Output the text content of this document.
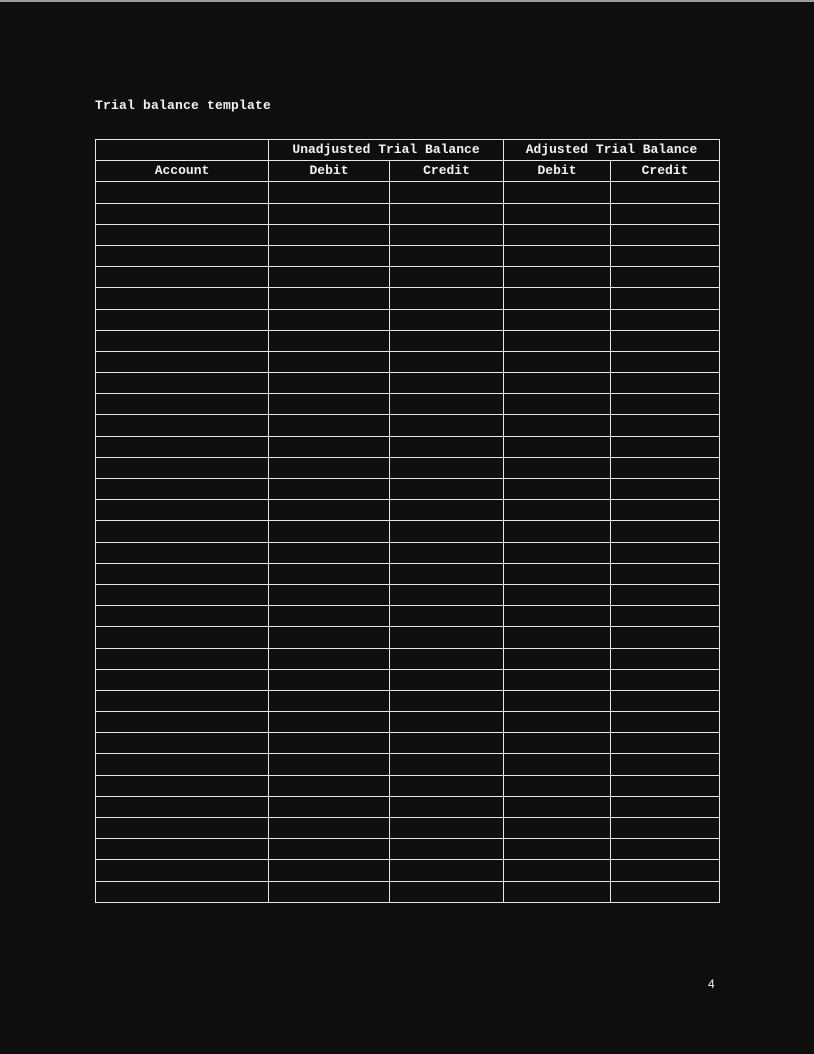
Trial balance template
	Unadjusted Trial Balance		Adjusted Trial Balance	
Account	Debit	Credit	Debit	Credit

4
